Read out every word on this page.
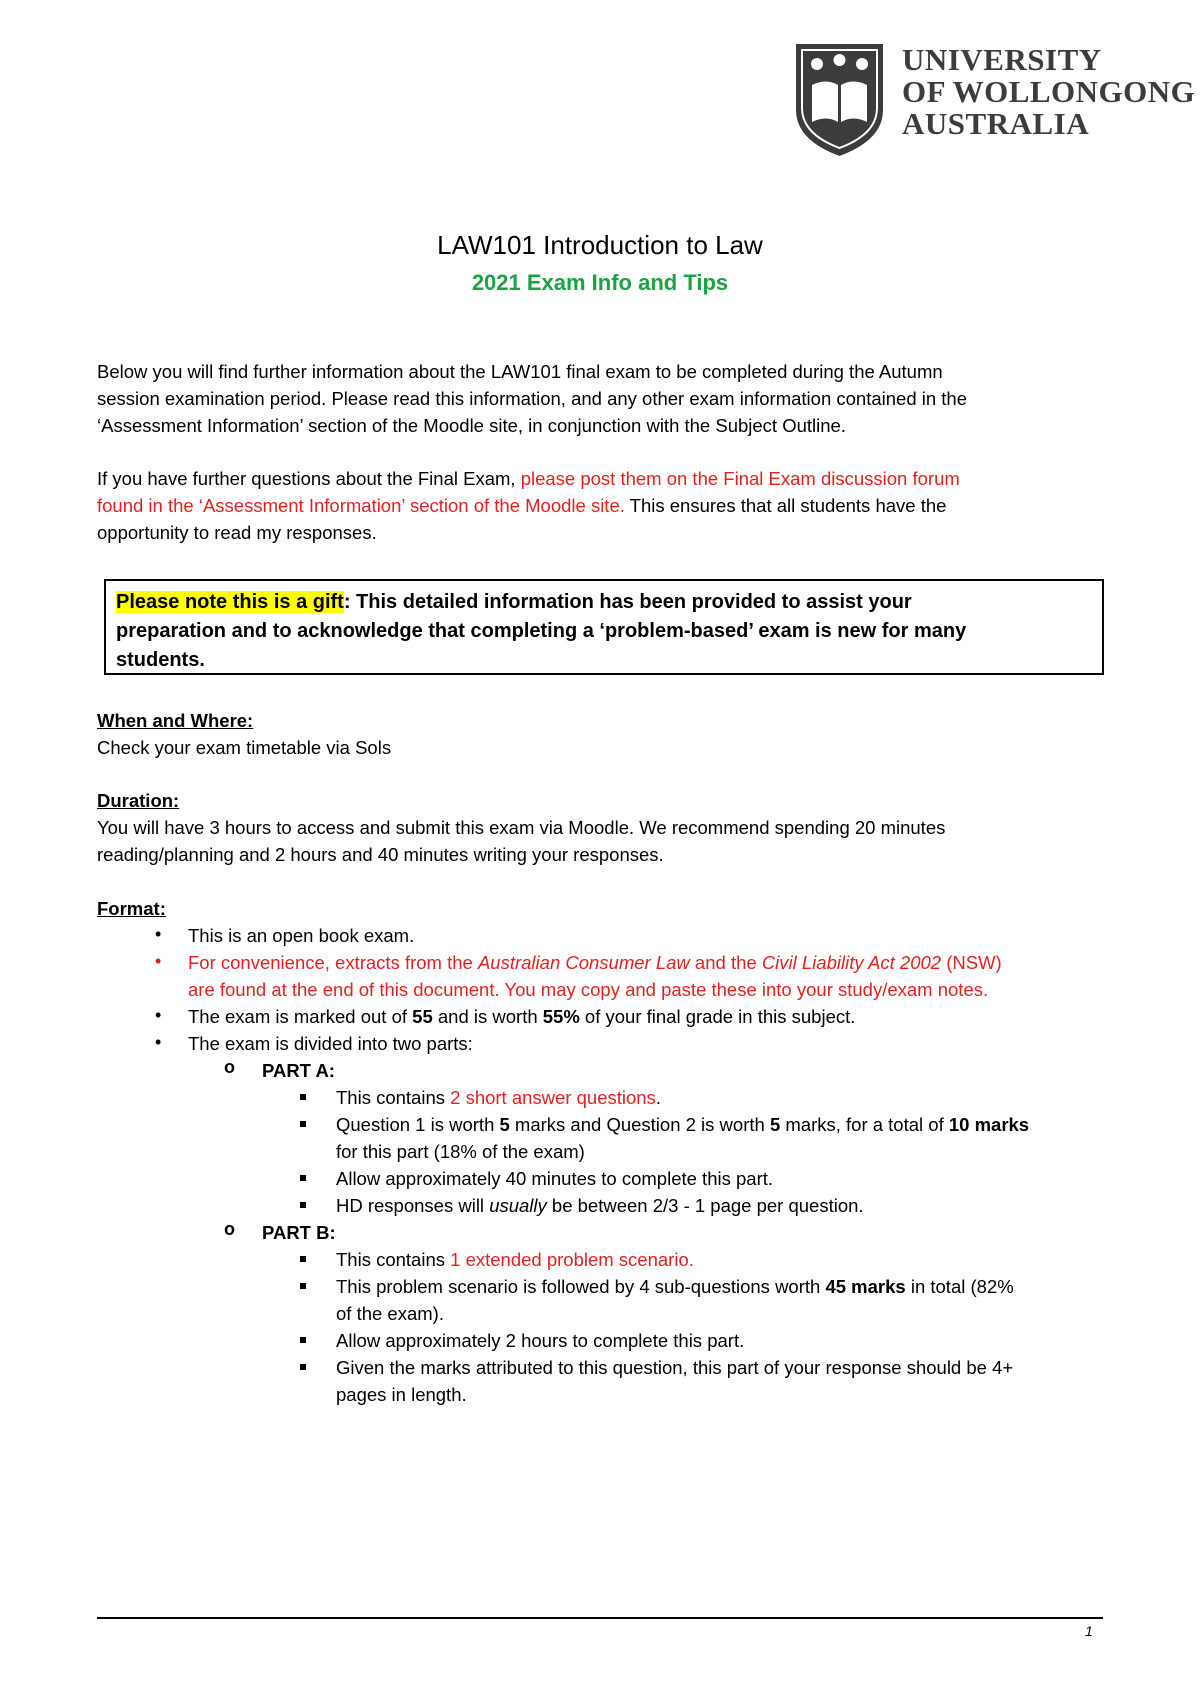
UNIVERSITY
OF WOLLONGONG
AUSTRALIA
LAW101 Introduction to Law
2021 Exam Info and Tips
Below you will find further information about the LAW101 final exam to be completed during the Autumn
session examination period. Please read this information, and any other exam information contained in the
‘Assessment Information’ section of the Moodle site, in conjunction with the Subject Outline.
If you have further questions about the Final Exam, please post them on the Final Exam discussion forum
found in the ‘Assessment Information’ section of the Moodle site. This ensures that all students have the
opportunity to read my responses.
Please note this is a gift: This detailed information has been provided to assist your
preparation and to acknowledge that completing a ‘problem-based’ exam is new for many
students.
When and Where:
Check your exam timetable via Sols
Duration:
You will have 3 hours to access and submit this exam via Moodle. We recommend spending 20 minutes
reading/planning and 2 hours and 40 minutes writing your responses.
Format:
• This is an open book exam.
• For convenience, extracts from the Australian Consumer Law and the Civil Liability Act 2002 (NSW)
are found at the end of this document. You may copy and paste these into your study/exam notes.
• The exam is marked out of 55 and is worth 55% of your final grade in this subject.
• The exam is divided into two parts:
o PART A:
This contains 2 short answer questions.
Question 1 is worth 5 marks and Question 2 is worth 5 marks, for a total of 10 marks
for this part (18% of the exam)
Allow approximately 40 minutes to complete this part.
HD responses will usually be between 2/3 - 1 page per question.
o PART B:
This contains 1 extended problem scenario.
This problem scenario is followed by 4 sub-questions worth 45 marks in total (82%
of the exam).
Allow approximately 2 hours to complete this part.
Given the marks attributed to this question, this part of your response should be 4+
pages in length.
1
